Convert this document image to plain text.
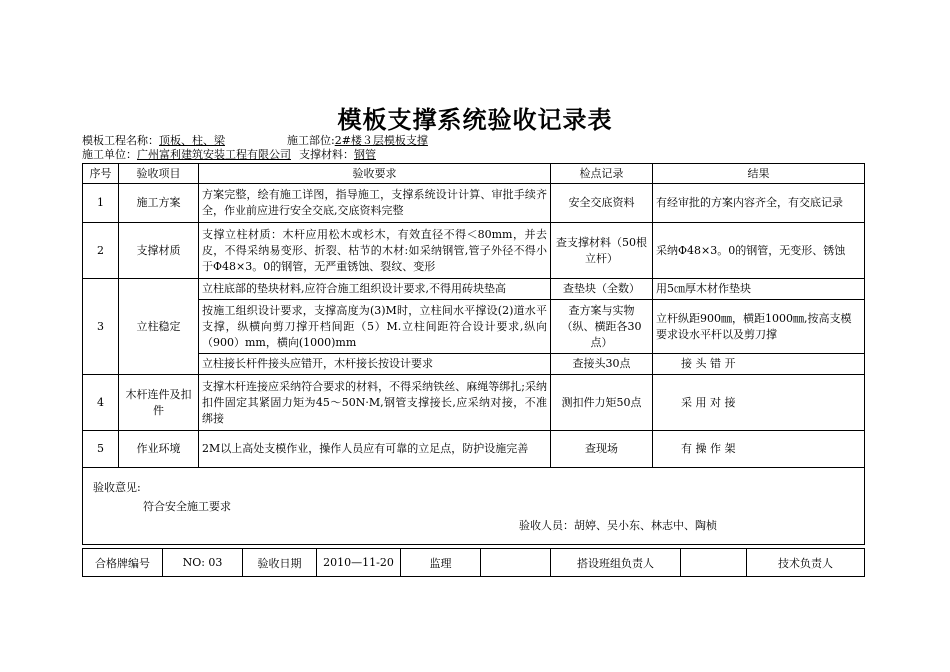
模板支撑系统验收记录表
模板工程名称：顶板、柱、梁	施工部位:2#楼３层模板支撑
施工单位：广州富利建筑安装工程有限公司 支撑材料：钢管
序号	验收项目	验收要求	检点记录	结果
1	施工方案	方案完整，绘有施工详图，指导施工，支撑系统设计计算、审批手续齐全，作业前应进行安全交底,交底资料完整	安全交底资料	有经审批的方案内容齐全，有交底记录
2	支撑材质	支撑立柱材质：木杆应用松木或杉木，有效直径不得＜80mm，并去皮，不得采纳易变形、折裂、枯节的木材:如采纳钢管,管子外径不得小于Φ48×3。0的钢管，无严重锈蚀、裂纹、变形	查支撑材料（50根立杆）	采纳Φ48×3。0的钢管，无变形、锈蚀
3	立柱稳定	立柱底部的垫块材料,应符合施工组织设计要求,不得用砖块垫高	查垫块（全数）	用5㎝厚木材作垫块
		按施工组织设计要求，支撑高度为(3)M时，立柱间水平撑设(2)道水平支撑，纵横向剪刀撑开档间距（5）M.立柱间距符合设计要求,纵向（900）mm，横向(1000)mm	查方案与实物（纵、横距各30点）	立杆纵距900㎜，横距1000㎜,按高支模要求设水平杆以及剪刀撑
		立柱接长杆件接头应错开，木杆接长按设计要求	查接头30点	接 头 错 开
4	木杆连件及扣件	支撑木杆连接应采纳符合要求的材料，不得采纳铁丝、麻绳等绑扎;采纳扣件固定其紧固力矩为45～50N·M,钢管支撑接长,应采纳对接，不准绑接	测扣件力矩50点	采 用 对 接
5	作业环境	2M以上高处支模作业，操作人员应有可靠的立足点，防护设施完善	查现场	有 操 作 架

验收意见:
符合安全施工要求
验收人员：胡婷、吴小东、林志中、陶桢				
合格牌编号	NO: 03	验收日期	2010—11-20	监理		搭设班组负责人		技术负责人
